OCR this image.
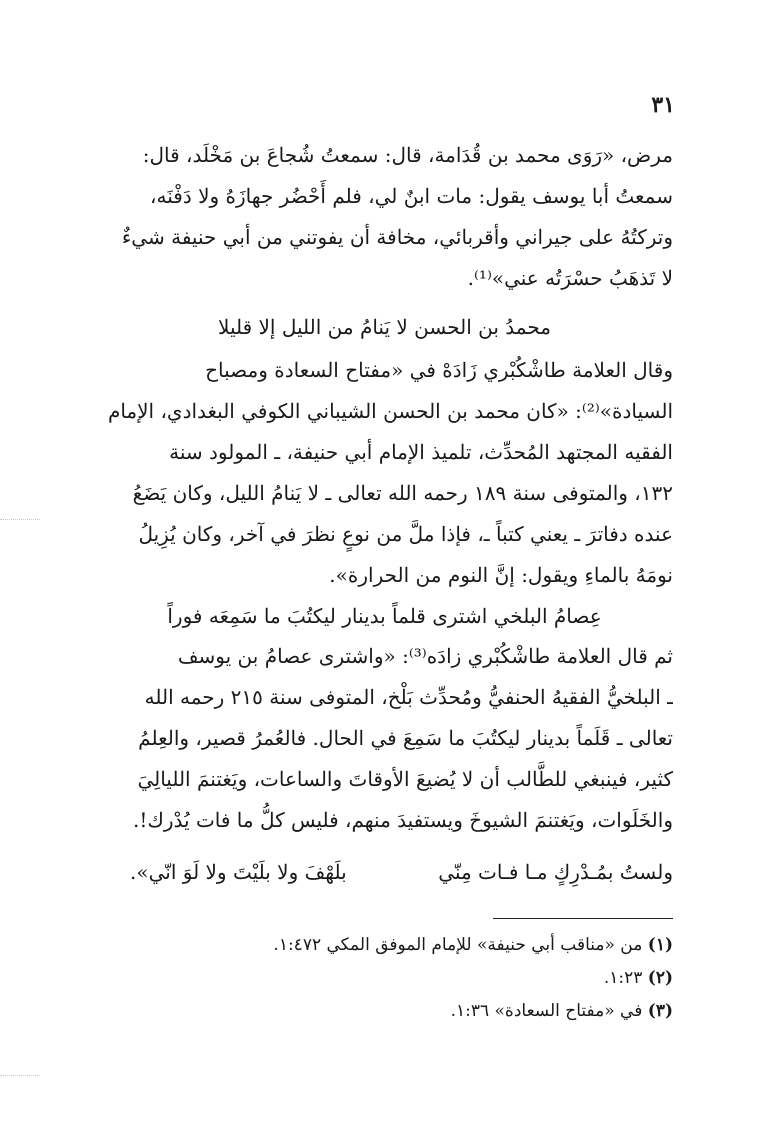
٣١
مرض، «رَوَى محمد بن قُدَامة، قال: سمعتُ شُجاعَ بن مَخْلَد، قال:
سمعتُ أبا يوسف يقول: مات ابنٌ لي، فلم أَحْضُر جهازَهُ ولا دَفْنَه،
وتركتُهُ على جيراني وأقربائي، مخافة أن يفوتني من أبي حنيفة شيءٌ
لا تَذهَبُ حسْرَتُه عني»⁽¹⁾.
محمدُ بن الحسن لا يَنامُ من الليل إلا قليلا
وقال العلامة طاشْكُبْري زَادَهْ في «مفتاح السعادة ومصباح
السيادة»⁽²⁾: «كان محمد بن الحسن الشيباني الكوفي البغدادي، الإمام
الفقيه المجتهد المُحدِّث، تلميذ الإمام أبي حنيفة، ـ المولود سنة
١٣٢، والمتوفى سنة ١٨٩ رحمه الله تعالى ـ لا يَنامُ الليل، وكان يَضَعُ
عنده دفاترَ ـ يعني كتباً ـ، فإذا ملَّ من نوعٍ نظرَ في آخر، وكان يُزِيلُ
نومَهُ بالماءِ ويقول: إنَّ النوم من الحرارة».
عِصامُ البلخي اشترى قلماً بدينار ليكتُبَ ما سَمِعَه فوراً
ثم قال العلامة طاشْكُبْري زادَه⁽³⁾: «واشترى عصامُ بن يوسف
ـ البلخيُّ الفقيهُ الحنفيُّ ومُحدِّث بَلْخ، المتوفى سنة ٢١٥ رحمه الله
تعالى ـ قَلَماً بدينار ليكتُبَ ما سَمِعَ في الحال. فالعُمرُ قصير، والعِلمُ
كثير، فينبغي للطَّالب أن لا يُضيعَ الأوقاتَ والساعات، ويَغتنمَ الليالِيَ
والخَلَوات، ويَغتنمَ الشيوخَ ويستفيدَ منهم، فليس كلُّ ما فات يُدْرك!.
ولستُ بمُـدْرِكٍ مـا فـات مِنّي
بلَهْفَ ولا بلَيْتَ ولا لَوَ انّي».
(١) من «مناقب أبي حنيفة» للإمام الموفق المكي ١:٤٧٢.
(٢) ١:٢٣.
(٣) في «مفتاح السعادة» ١:٣٦.
